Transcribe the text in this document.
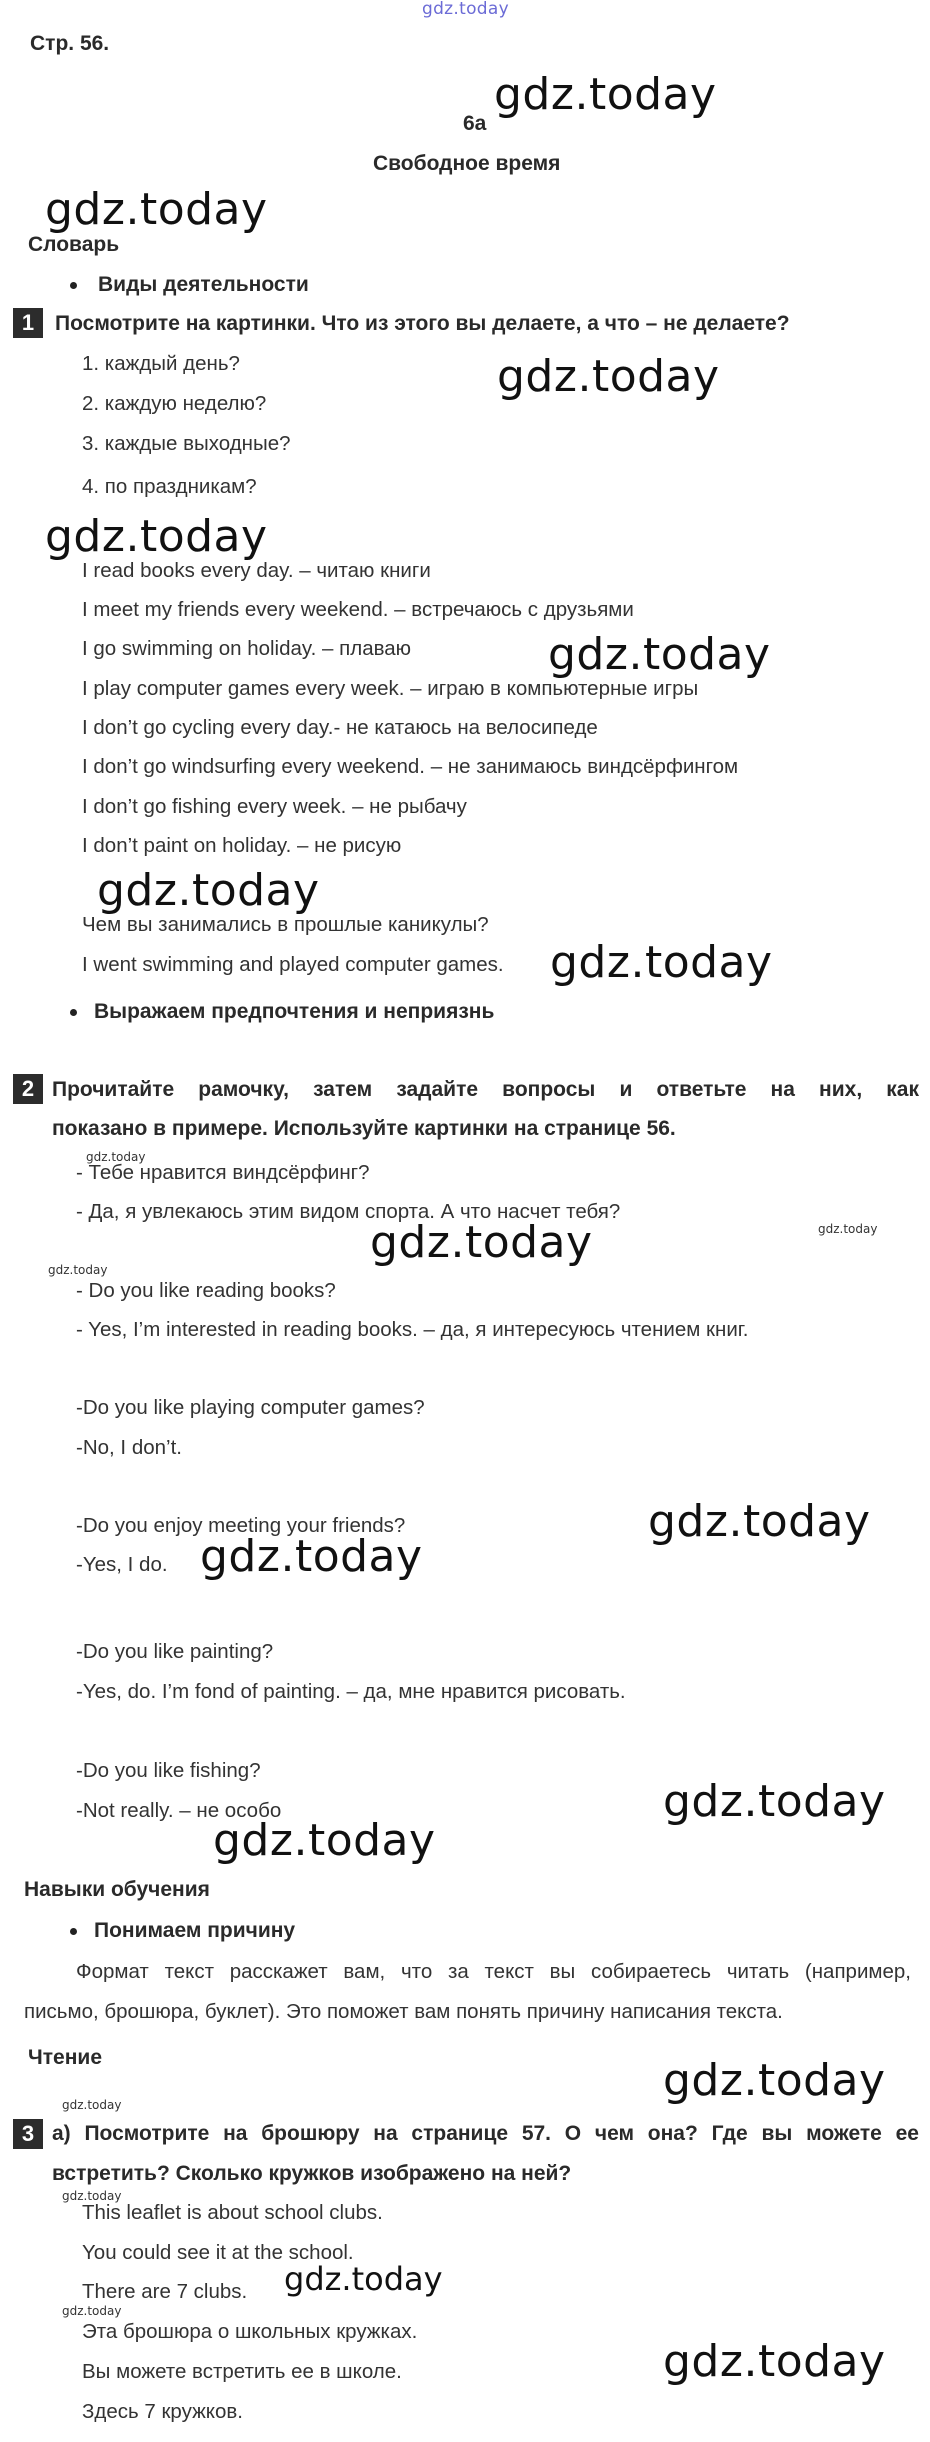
gdz.today
Стр. 56.
gdz.today
6a
Свободное время
gdz.today
Словарь
Виды деятельности
1 Посмотрите на картинки. Что из этого вы делаете, а что – не делаете?
1. каждый день?	gdz.today
2. каждую неделю?
3. каждые выходные?
4. по праздникам?
gdz.today
I read books every day. – читаю книги
I meet my friends every weekend. – встречаюсь с друзьями
I go swimming on holiday. – плаваю	gdz.today
I play computer games every week. – играю в компьютерные игры
I don’t go cycling every day.- не катаюсь на велосипеде
I don’t go windsurfing every weekend. – не занимаюсь виндсёрфингом
I don’t go fishing every week. – не рыбачу
I don’t paint on holiday. – не рисую
gdz.today
Чем вы занимались в прошлые каникулы?
I went swimming and played computer games. gdz.today
Выражаем предпочтения и неприязнь
2 Прочитайте рамочку, затем задайте вопросы и ответьте на них, как
показано в примере. Используйте картинки на странице 56.
gdz.today
- Тебе нравится виндсёрфинг?
- Да, я увлекаюсь этим видом спорта. А что насчет тебя?
gdz.today
gdz.today
gdz.today
- Do you like reading books?
- Yes, I’m interested in reading books. – да, я интересуюсь чтением книг.
-Do you like playing computer games?
-No, I don’t.
gdz.today
-Do you enjoy meeting your friends?
-Yes, I do. gdz.today
-Do you like painting?
-Yes, do. I’m fond of painting. – да, мне нравится рисовать.
-Do you like fishing?
-Not really. – не особо	gdz.today
gdz.today
Навыки обучения
Понимаем причину
Формат текст расскажет вам, что за текст вы собираетесь читать (например,
письмо, брошюра, буклет). Это поможет вам понять причину написания текста.
Чтение	gdz.today
gdz.today
3 а) Посмотрите на брошюру на странице 57. О чем она? Где вы можете ее
встретить? Сколько кружков изображено на ней?
gdz.today
This leaflet is about school clubs.
You could see it at the school.
There are 7 clubs. gdz.today
gdz.today
Эта брошюра о школьных кружках.
gdz.today
Вы можете встретить ее в школе.
Здесь 7 кружков.
